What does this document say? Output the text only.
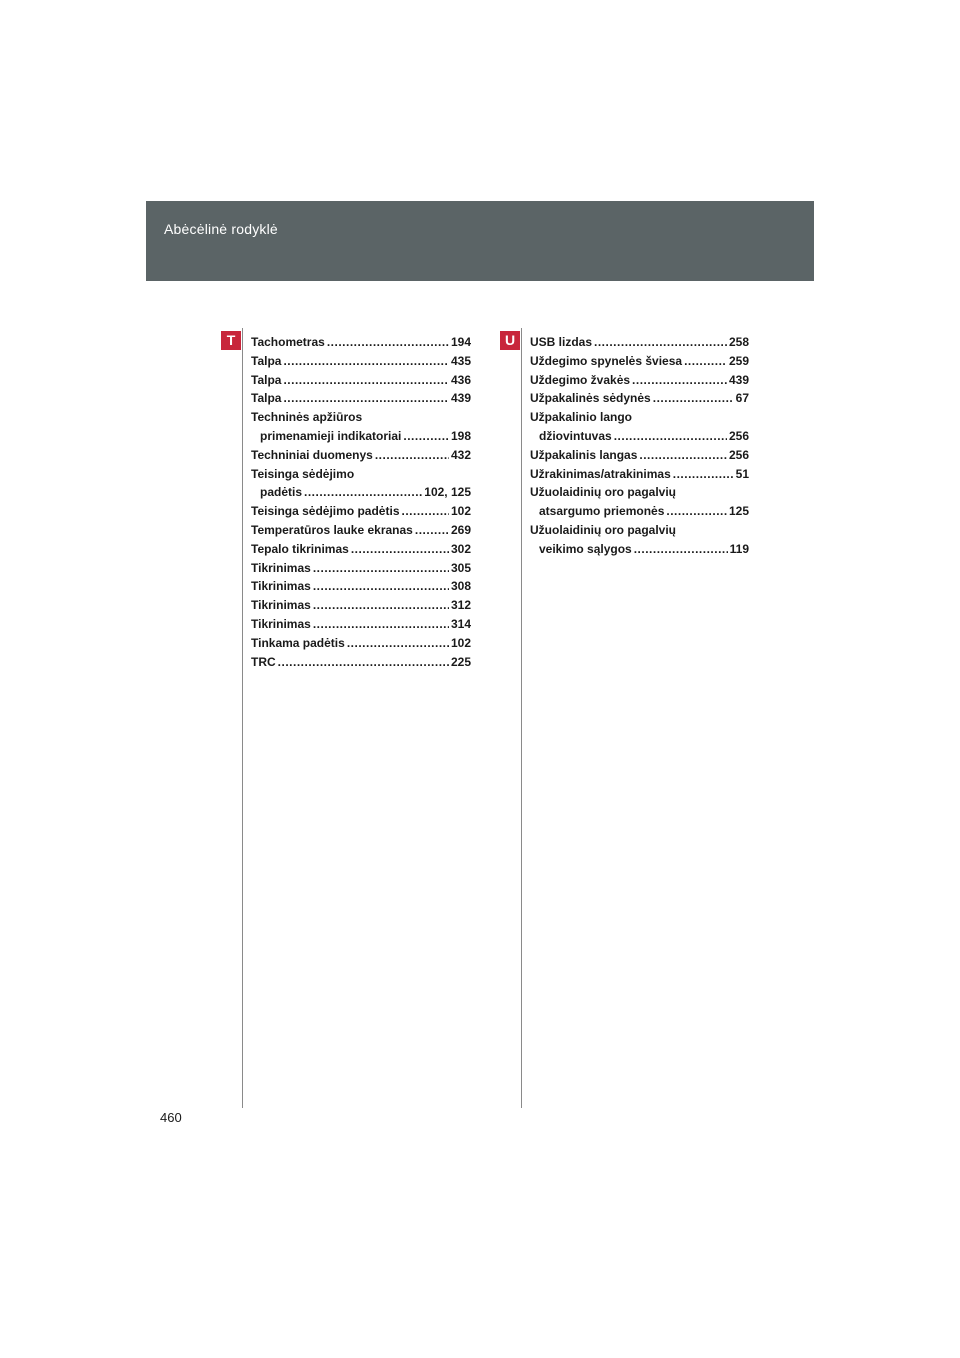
Abėcėlinė rodyklė
T	U
Tachometras .....	194
Talpa .....	435
Talpa .....	436
Talpa .....	439
Techninės apžiūros
primenamieji indikatoriai .....	198
Techniniai duomenys .....	432
Teisinga sėdėjimo
padėtis .....	102, 125
Teisinga sėdėjimo padėtis .....	102
Temperatūros lauke ekranas .....	269
Tepalo tikrinimas .....	302
Tikrinimas .....	305
Tikrinimas .....	308
Tikrinimas .....	312
Tikrinimas .....	314
Tinkama padėtis .....	102
TRC .....	225
USB lizdas .....	258
Uždegimo spynelės šviesa .....	259
Uždegimo žvakės .....	439
Užpakalinės sėdynės .....	67
Užpakalinio lango
džiovintuvas .....	256
Užpakalinis langas .....	256
Užrakinimas/atrakinimas .....	51
Užuolaidinių oro pagalvių
atsargumo priemonės .....	125
Užuolaidinių oro pagalvių
veikimo sąlygos .....	119
460
